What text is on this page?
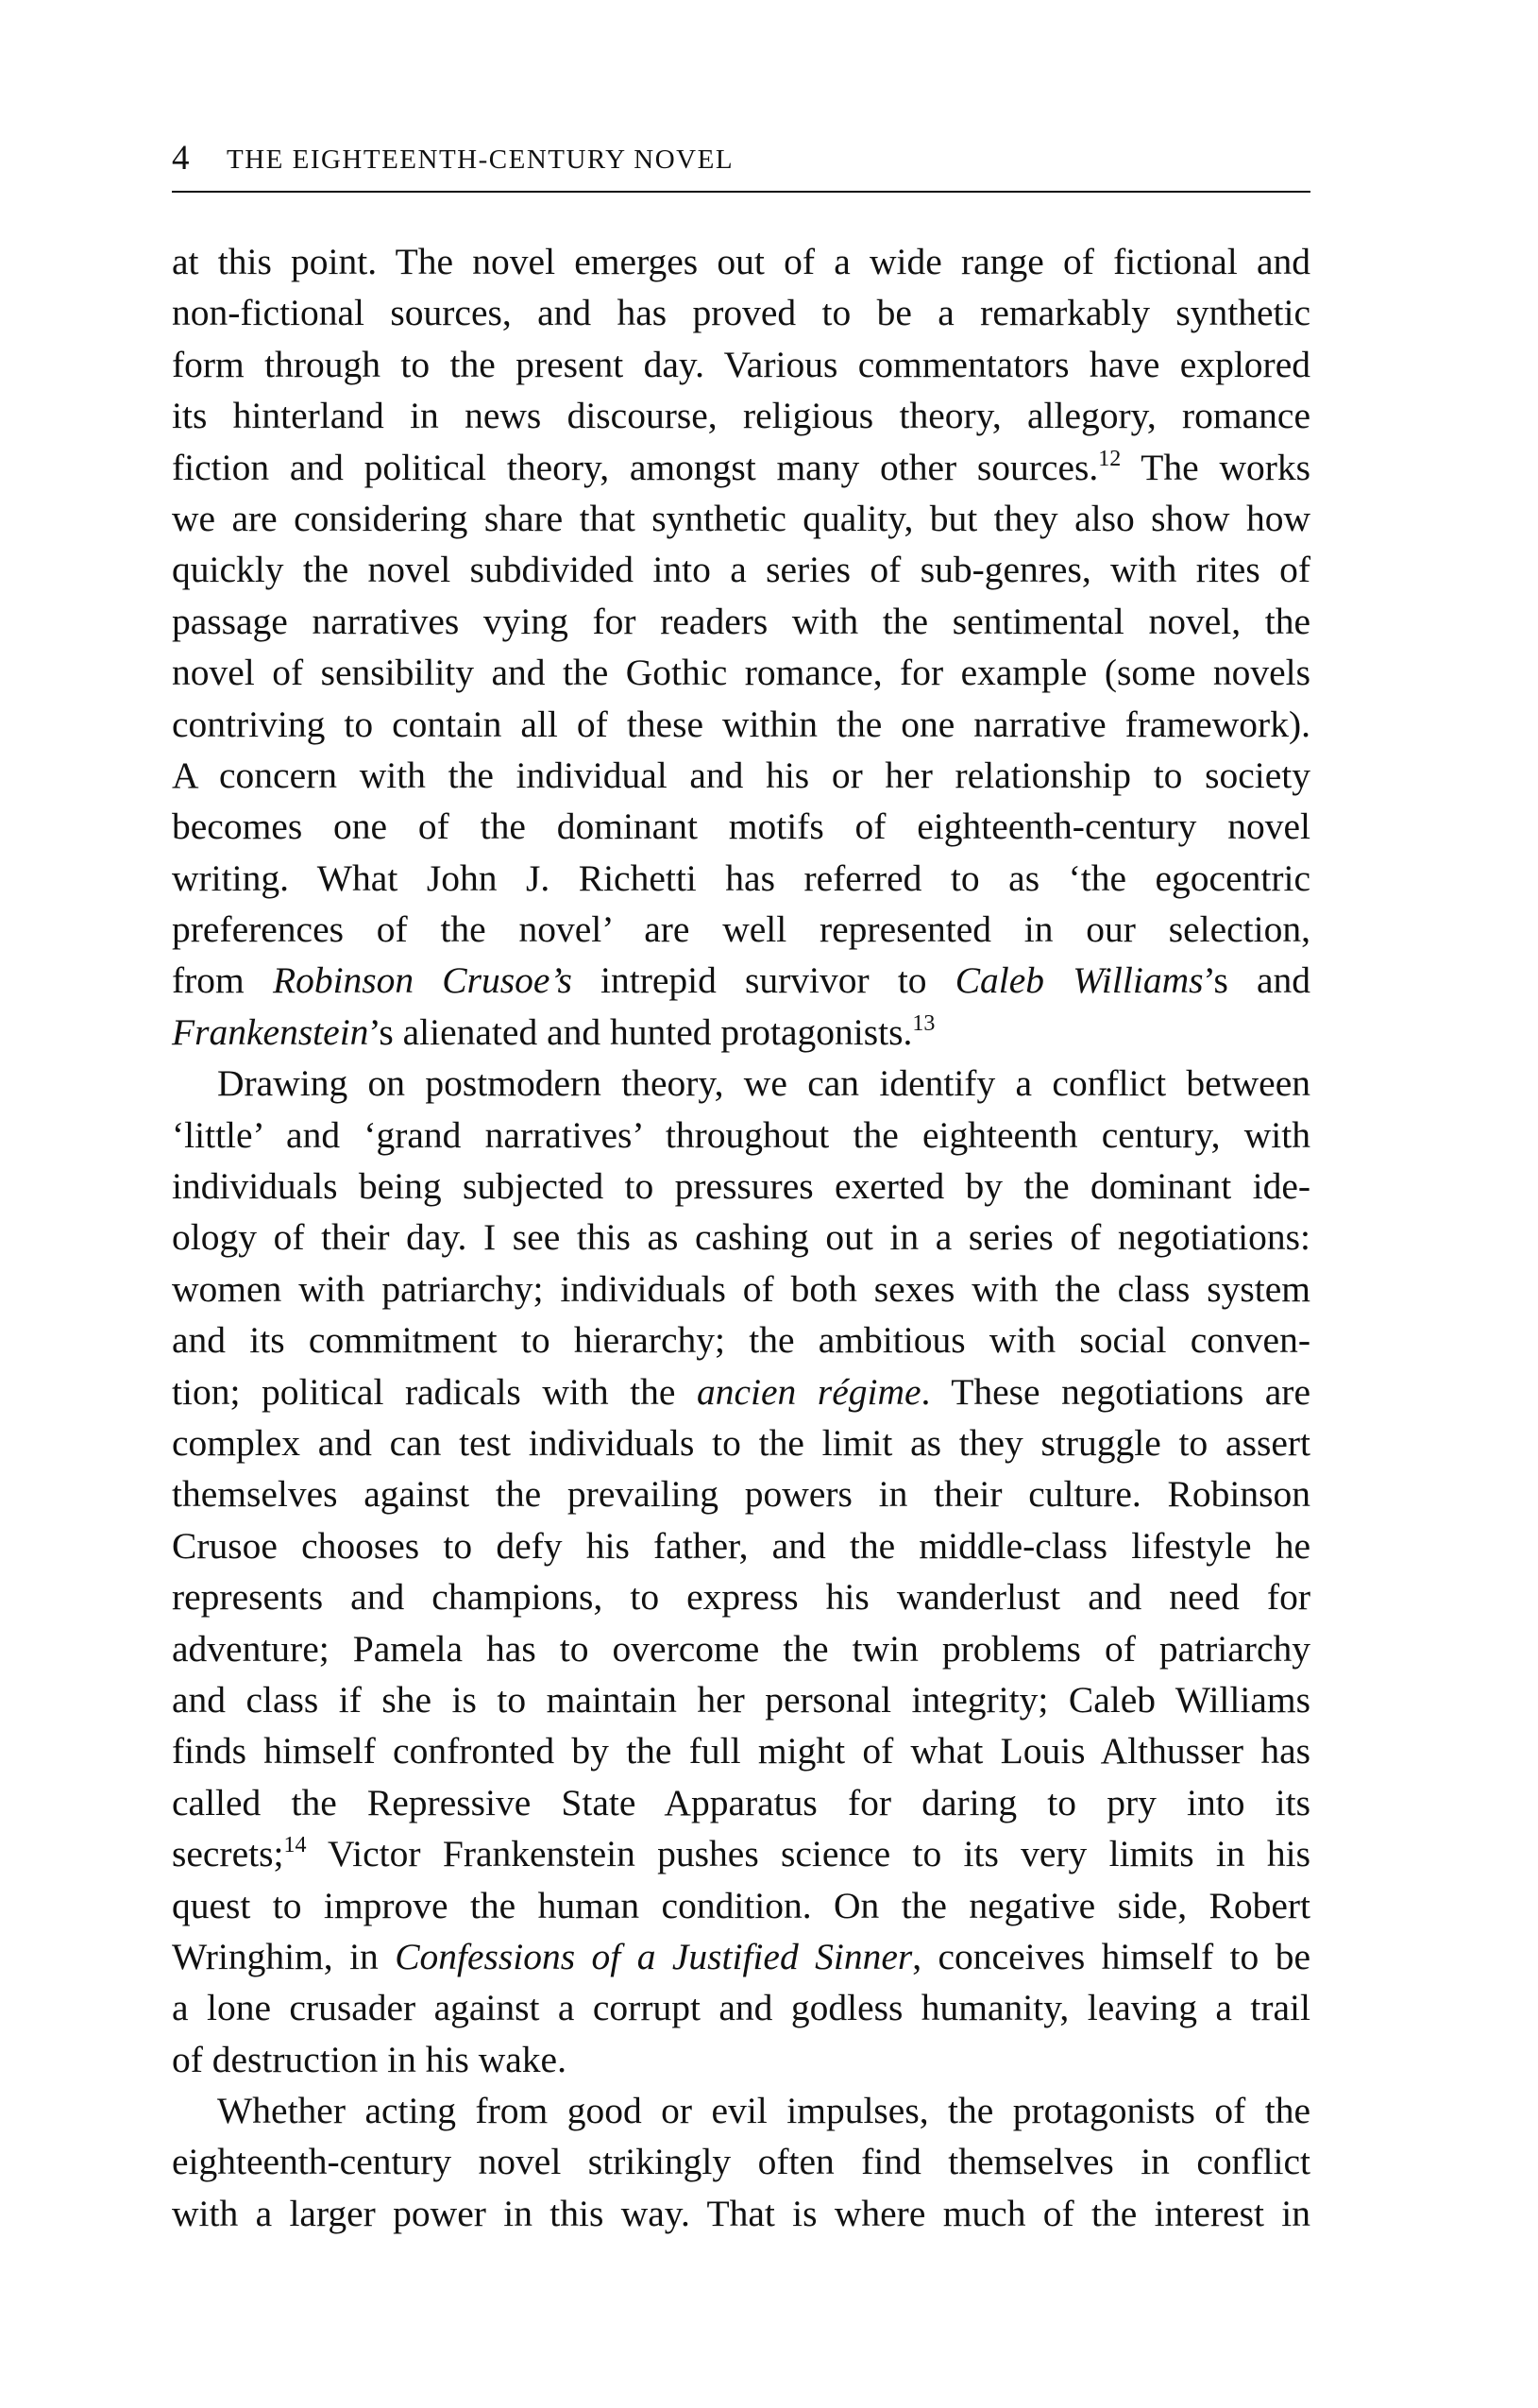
4 THE EIGHTEENTH-CENTURY NOVEL
at this point. The novel emerges out of a wide range of fictional and
non-fictional sources, and has proved to be a remarkably synthetic
form through to the present day. Various commentators have explored
its hinterland in news discourse, religious theory, allegory, romance
fiction and political theory, amongst many other sources.$^{12}$ The works
we are considering share that synthetic quality, but they also show how
quickly the novel subdivided into a series of sub-genres, with rites of
passage narratives vying for readers with the sentimental novel, the
novel of sensibility and the Gothic romance, for example (some novels
contriving to contain all of these within the one narrative framework).
A concern with the individual and his or her relationship to society
becomes one of the dominant motifs of eighteenth-century novel
writing. What John J. Richetti has referred to as ‘the egocentric
preferences of the novel’ are well represented in our selection,
from Robinson Crusoe’s intrepid survivor to Caleb Williams’s and
Frankenstein’s alienated and hunted protagonists.$^{13}$
Drawing on postmodern theory, we can identify a conflict between
‘little’ and ‘grand narratives’ throughout the eighteenth century, with
individuals being subjected to pressures exerted by the dominant ide-
ology of their day. I see this as cashing out in a series of negotiations:
women with patriarchy; individuals of both sexes with the class system
and its commitment to hierarchy; the ambitious with social conven-
tion; political radicals with the ancien régime. These negotiations are
complex and can test individuals to the limit as they struggle to assert
themselves against the prevailing powers in their culture. Robinson
Crusoe chooses to defy his father, and the middle-class lifestyle he
represents and champions, to express his wanderlust and need for
adventure; Pamela has to overcome the twin problems of patriarchy
and class if she is to maintain her personal integrity; Caleb Williams
finds himself confronted by the full might of what Louis Althusser has
called the Repressive State Apparatus for daring to pry into its
secrets;$^{14}$ Victor Frankenstein pushes science to its very limits in his
quest to improve the human condition. On the negative side, Robert
Wringhim, in Confessions of a Justified Sinner, conceives himself to be
a lone crusader against a corrupt and godless humanity, leaving a trail
of destruction in his wake.
Whether acting from good or evil impulses, the protagonists of the
eighteenth-century novel strikingly often find themselves in conflict
with a larger power in this way. That is where much of the interest in
